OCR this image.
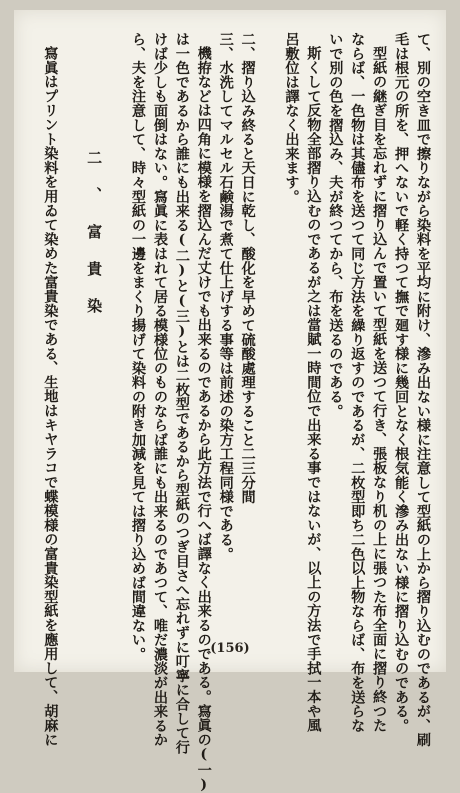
て、別の空き皿で擦りながら染料を平均に附け、滲み出ない様に注意して型紙の上から摺り込むのであるが、刷
毛は根元の所を、押へないで軽く持つて撫で廻す様に幾回となく根気能く滲み出ない様に摺り込むのである。
型紙の継ぎ目を忘れずに摺り込んで置いて型紙を送つて行き、張板なり机の上に張つた布全面に摺り終つた
ならば、一色物は其儘布を送つて同じ方法を繰り返すのであるが、二枚型即ち二色以上物ならば、布を送らな
いで別の色を摺込み、夫が終つてから、布を送るのである。
斯くして反物全部摺り込むのであるが之は當賦一時間位で出来る事ではないが、以上の方法で手拭一本や風
呂敷位は譯なく出来ます。
二、摺り込み終ると天日に乾し、酸化を早めて硫酸處理すること二三分間
三、水洗してマルセル石鹸湯で煮て仕上げする事等は前述の染方工程同様である。
機拵などは四角に模様を摺込んだ丈けでも出来るのであるから此方法で行へば譯なく出来るのである。寫眞の(一)
は一色であるから誰にも出来る(二)と(三)とは二枚型であるから型紙のつぎ目さへ忘れずに叮寧に合して行
けば少しも面倒はない。寫眞に表はれて居る模様位のものならば誰にも出来るのであつて、唯だ濃淡が出来るか
ら、夫を注意して、時々型紙の一邊をまくり揚げて染料の附き加減を見ては摺り込めば間違ない。
二、富貴染
寫眞はプリント染料を用ゐて染めた富貴染である、生地はキヤラコで蝶模様の富貴染型紙を應用して、胡麻に	(156)
